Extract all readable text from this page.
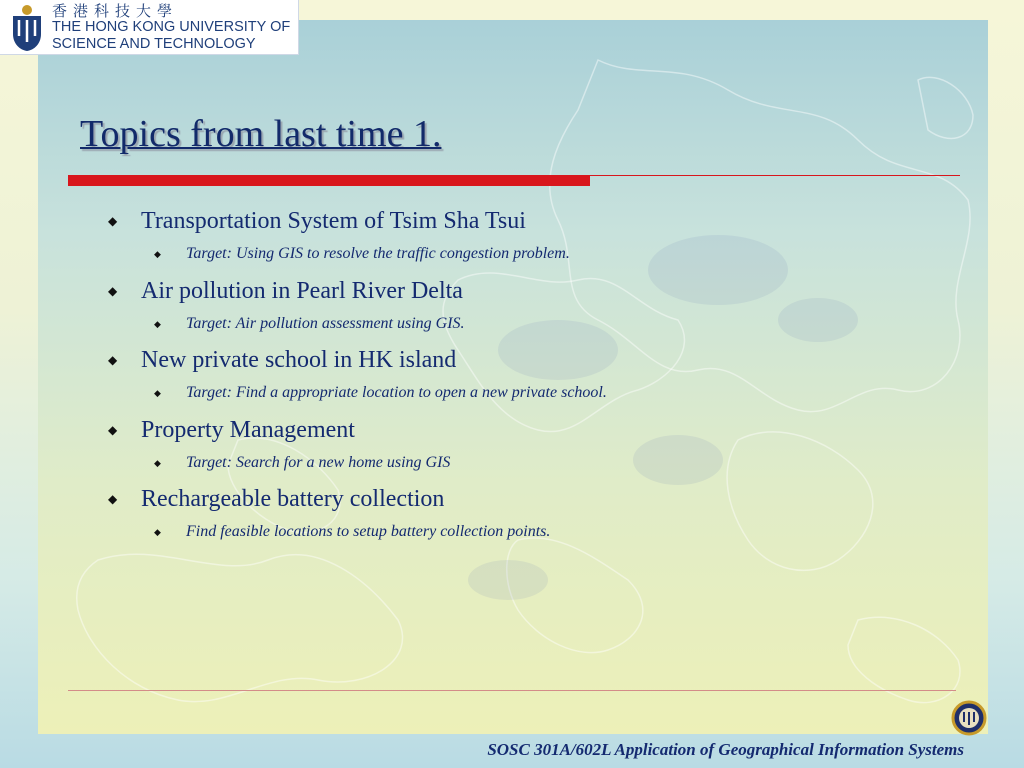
香港科技大學
THE HONG KONG UNIVERSITY OF
SCIENCE AND TECHNOLOGY
Topics from last time 1.
◆ Transportation System of Tsim Sha Tsui
◆ Target: Using GIS to resolve the traffic congestion problem.
◆ Air pollution in Pearl River Delta
◆ Target: Air pollution assessment using GIS.
◆ New private school in HK island
◆ Target: Find a appropriate location to open a new private school.
◆ Property Management
◆ Target: Search for a new home using GIS
◆ Rechargeable battery collection
◆ Find feasible locations to setup battery collection points.
SOSC 301A/602L Application of Geographical Information Systems
